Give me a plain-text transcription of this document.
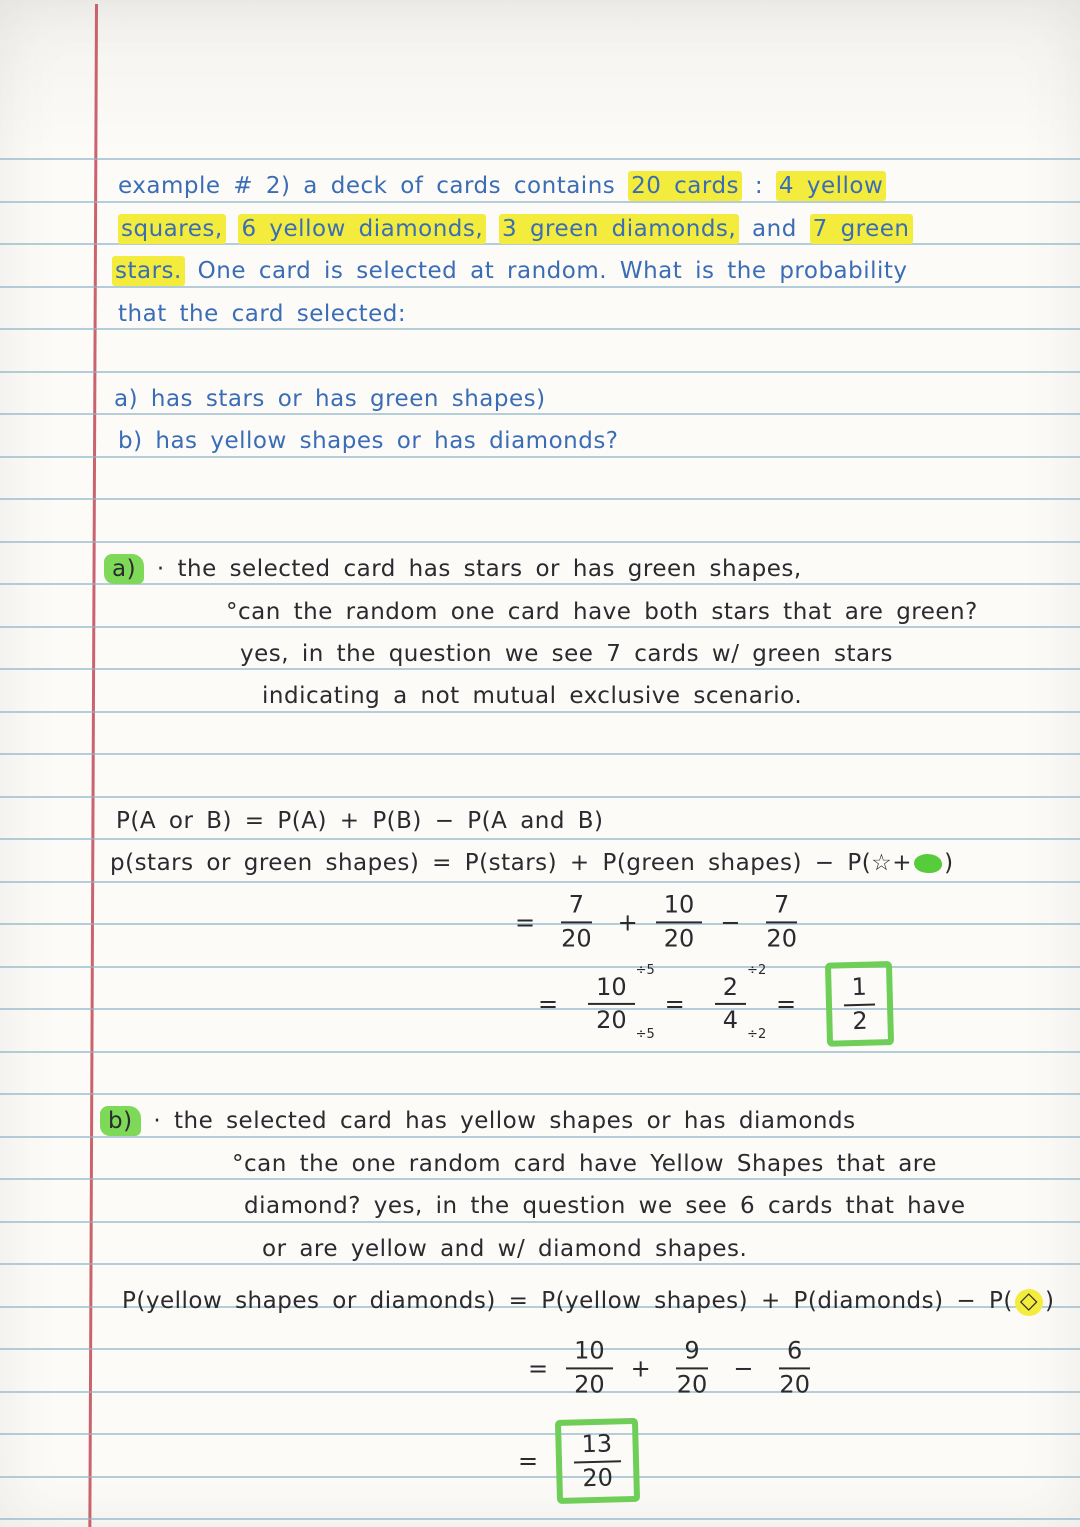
example # 2) a deck of cards contains 20 cards : 4 yellow
squares, 6 yellow diamonds, 3 green diamonds, and 7 green
stars. One card is selected at random. What is the probability
that the card selected:
a) has stars or has green shapes)
b) has yellow shapes or has diamonds?
a) · the selected card has stars or has green shapes,
°can the random one card have both stars that are green?
yes, in the question we see 7 cards w/ green stars
indicating a not mutual exclusive scenario.
P(A or B) = P(A) + P(B) − P(A and B)
p(stars or green shapes) = P(stars) + P(green shapes) − P(☆+ )
= $\frac{7}{20} + \frac{10}{20} - \frac{7}{20}$
= 10
÷5
20
÷5	= 2
÷2
4
÷2	= $\frac{1}{2}$
b) · the selected card has yellow shapes or has diamonds
°can the one random card have Yellow Shapes that are
diamond? yes, in the question we see 6 cards that have
or are yellow and w/ diamond shapes.
P(yellow shapes or diamonds) = P(yellow shapes) + P(diamonds) − P( ◇ )
= $\frac{10}{20} + \frac{9}{20} - \frac{6}{20}$
= $\frac{13}{20}$
